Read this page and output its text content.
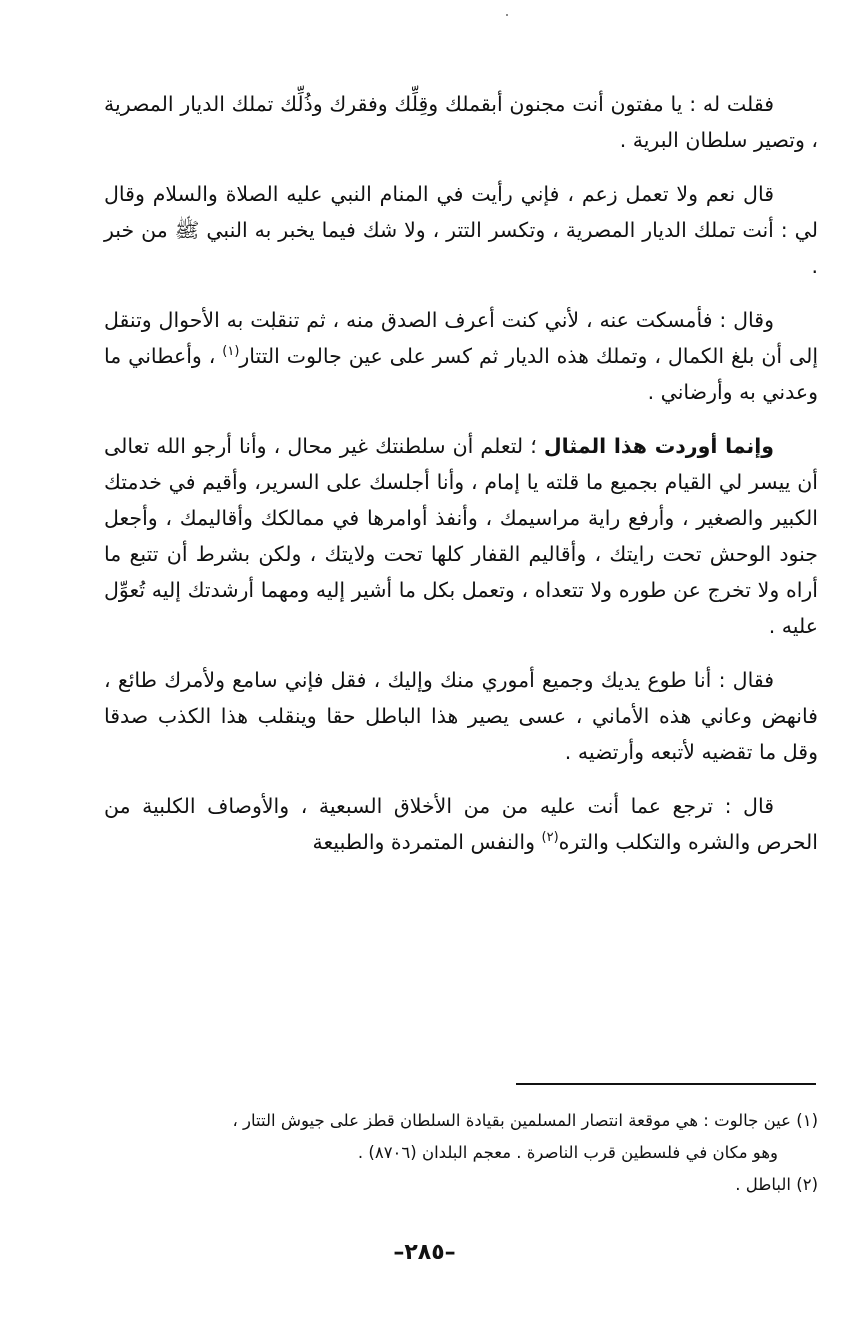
فقلت له : يا مفتون أنت مجنون أبقملك وقِلِّك وفقرك وذُلِّك تملك الديار المصرية ، وتصير سلطان البرية .

قال نعم ولا تعمل زعم ، فإني رأيت في المنام النبي عليه الصلاة والسلام وقال لي : أنت تملك الديار المصرية ، وتكسر التتر ، ولا شك فيما يخبر به النبي ﷺ من خبر .

وقال : فأمسكت عنه ، لأني كنت أعرف الصدق منه ، ثم تنقلت به الأحوال وتنقل إلى أن بلغ الكمال ، وتملك هذه الديار ثم كسر على عين جالوت التتار$^{(١)}$ ، وأعطاني ما وعدني به وأرضاني .

وإنما أوردت هذا المثال ؛ لتعلم أن سلطنتك غير محال ، وأنا أرجو الله تعالى أن ييسر لي القيام بجميع ما قلته يا إمام ، وأنا أجلسك على السرير، وأقيم في خدمتك الكبير والصغير ، وأرفع راية مراسيمك ، وأنفذ أوامرها في ممالكك وأقاليمك ، وأجعل جنود الوحش تحت رايتك ، وأقاليم القفار كلها تحت ولايتك ، ولكن بشرط أن تتبع ما أراه ولا تخرج عن طوره ولا تتعداه ، وتعمل بكل ما أشير إليه ومهما أرشدتك إليه تُعوِّل عليه .

فقال : أنا طوع يديك وجميع أموري منك وإليك ، فقل فإني سامع ولأمرك طائع ، فانهض وعاني هذه الأماني ، عسى يصير هذا الباطل حقا وينقلب هذا الكذب صدقا وقل ما تقضيه لأتبعه وأرتضيه .

قال : ترجع عما أنت عليه من من الأخلاق السبعية ، والأوصاف الكلبية من الحرص والشره والتكلب والتره$^{(٢)}$ والنفس المتمردة والطبيعة

(١) عين جالوت : هي موقعة انتصار المسلمين بقيادة السلطان قطز على جيوش التتار ،

وهو مكان في فلسطين قرب الناصرة . معجم البلدان (٨٧٠٦) .

(٢) الباطل .

–٢٨٥–
